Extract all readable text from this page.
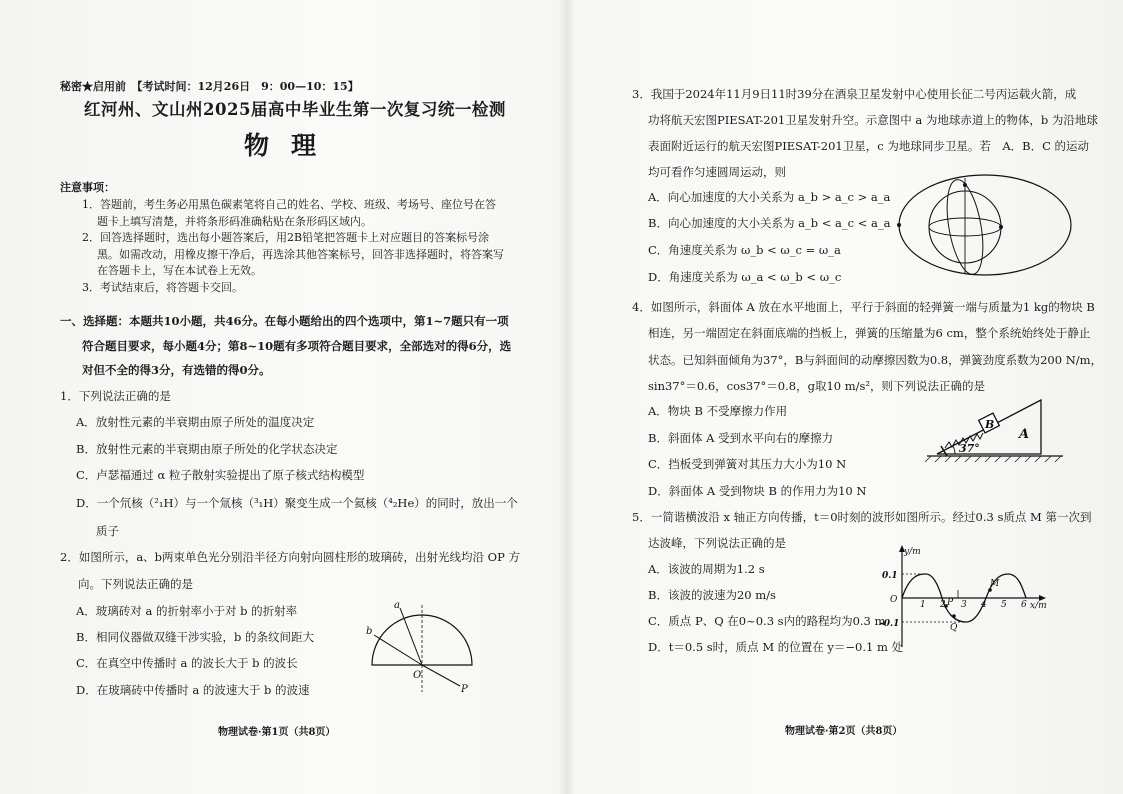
秘密★启用前　【考试时间：12月26日　9：00—10：15】
红河州、文山州2025届高中毕业生第一次复习统一检测
物理
注意事项：
1．答题前，考生务必用黑色碳素笔将自己的姓名、学校、班级、考场号、座位号在答
题卡上填写清楚，并将条形码准确粘贴在条形码区域内。
2．回答选择题时，选出每小题答案后，用2B铅笔把答题卡上对应题目的答案标号涂
黑。如需改动，用橡皮擦干净后，再选涂其他答案标号，回答非选择题时，将答案写
在答题卡上，写在本试卷上无效。
3．考试结束后，将答题卡交回。
一、选择题：本题共10小题，共46分。在每小题给出的四个选项中，第1~7题只有一项
符合题目要求，每小题4分；第8~10题有多项符合题目要求，全部选对的得6分，选
对但不全的得3分，有选错的得0分。
1．下列说法正确的是
A．放射性元素的半衰期由原子所处的温度决定
B．放射性元素的半衰期由原子所处的化学状态决定
C．卢瑟福通过 α 粒子散射实验提出了原子核式结构模型
D．一个氘核（²₁H）与一个氚核（³₁H）聚变生成一个氦核（⁴₂He）的同时，放出一个
质子
2．如图所示，a、b两束单色光分别沿半径方向射向圆柱形的玻璃砖，出射光线均沿 OP 方
向。下列说法正确的是
A．玻璃砖对 a 的折射率小于对 b 的折射率
B．相同仪器做双缝干涉实验，b 的条纹间距大
C．在真空中传播时 a 的波长大于 b 的波长
D．在玻璃砖中传播时 a 的波速大于 b 的波速
a
b
O
P
物理试卷·第1页（共8页）
3．我国于2024年11月9日11时39分在酒泉卫星发射中心使用长征二号丙运载火箭，成
功将航天宏图PIESAT-201卫星发射升空。示意图中 a 为地球赤道上的物体，b 为沿地球
表面附近运行的航天宏图PIESAT-201卫星，c 为地球同步卫星。若　A．B．C 的运动
均可看作匀速圆周运动，则
A．向心加速度的大小关系为 a_b > a_c > a_a
B．向心加速度的大小关系为 a_b < a_c < a_a
C．角速度关系为 ω_b < ω_c = ω_a
D．角速度关系为 ω_a < ω_b < ω_c
4．如图所示，斜面体 A 放在水平地面上，平行于斜面的轻弹簧一端与质量为1 kg的物块 B
相连，另一端固定在斜面底端的挡板上，弹簧的压缩量为6 cm，整个系统始终处于静止
状态。已知斜面倾角为37°，B与斜面间的动摩擦因数为0.8，弹簧劲度系数为200 N/m，
sin37°＝0.6，cos37°＝0.8，g取10 m/s²，则下列说法正确的是
A．物块 B 不受摩擦力作用
B．斜面体 A 受到水平向右的摩擦力
C．挡板受到弹簧对其压力大小为10 N
D．斜面体 A 受到物块 B 的作用力为10 N
B
A
37°
5．一简谐横波沿 x 轴正方向传播，t＝0时刻的波形如图所示。经过0.3 s质点 M 第一次到
达波峰，下列说法正确的是
A．该波的周期为1.2 s
B．该波的波速为20 m/s
C．质点 P、Q 在0~0.3 s内的路程均为0.3 m
D．t＝0.5 s时，质点 M 的位置在 y＝−0.1 m 处
y/m
x/m
0.1
-0.1
O	1 2 3 4 5 6
P
Q
M
物理试卷·第2页（共8页）
